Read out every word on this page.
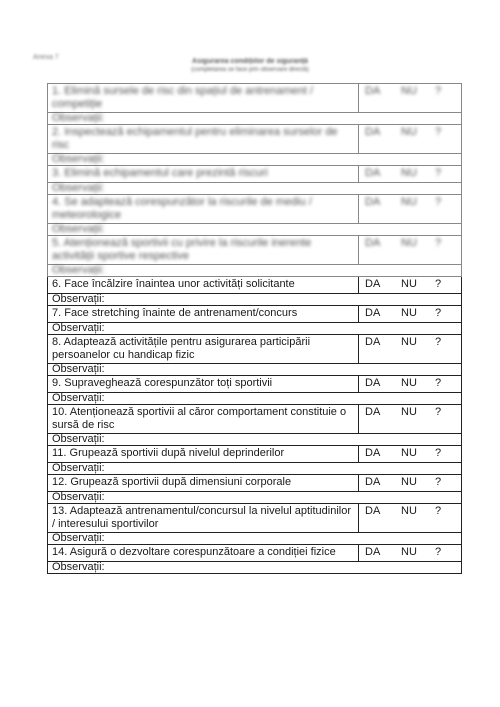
Anexa 7
Asigurarea condițiilor de siguranță
(completarea se face prin observare directă)
1. Elimină sursele de risc din spațiul de antrenament / competiție	DA NU ?

Observații:	
2. Inspectează echipamentul pentru eliminarea surselor de risc	DA NU ?

Observații:	
3. Elimină echipamentul care prezintă riscuri	DA NU ?

Observații:	
4. Se adaptează corespunzător la riscurile de mediu / meteorologice	DA NU ?

Observații:	
5. Atenționează sportivii cu privire la riscurile inerente activității sportive respective	DA NU ?

Observații:	
6. Face încălzire înaintea unor activități solicitante	DA NU ?

Observații:	
7. Face stretching înainte de antrenament/concurs	DA NU ?

Observații:	
8. Adaptează activitățile pentru asigurarea participării persoanelor cu handicap fizic	DA NU ?

Observații:	
9. Supraveghează corespunzător toți sportivii	DA NU ?

Observații:	
10. Atenționează sportivii al căror comportament constituie o sursă de risc	DA NU ?

Observații:	
11. Grupează sportivii după nivelul deprinderilor	DA NU ?

Observații:	
12. Grupează sportivii după dimensiuni corporale	DA NU ?

Observații:	
13. Adaptează antrenamentul/concursul la nivelul aptitudinilor / interesului sportivilor	DA NU ?

Observații:	
14. Asigură o dezvoltare corespunzătoare a condiției fizice	DA NU ?

Observații:	
